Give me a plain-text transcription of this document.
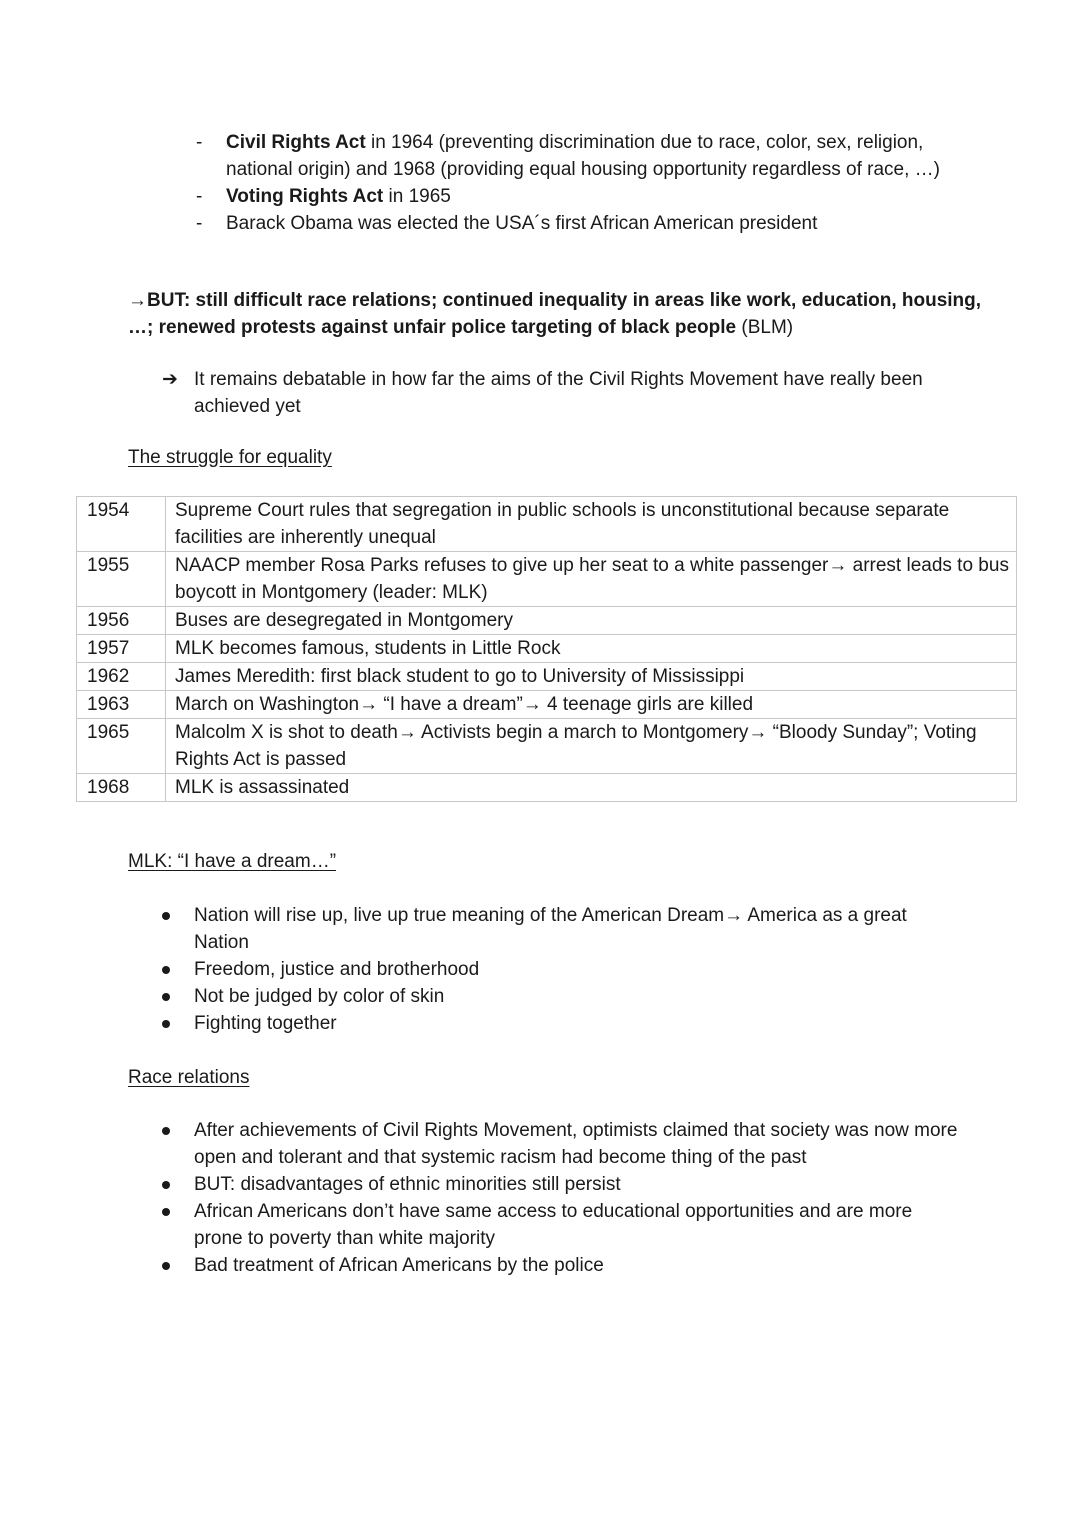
- Civil Rights Act in 1964 (preventing discrimination due to race, color, sex, religion, national origin) and 1968 (providing equal housing opportunity regardless of race, …)
- Voting Rights Act in 1965
- Barack Obama was elected the USA´s first African American president
→BUT: still difficult race relations; continued inequality in areas like work, education, housing, …; renewed protests against unfair police targeting of black people (BLM)
➔ It remains debatable in how far the aims of the Civil Rights Movement have really been achieved yet
The struggle for equality
1954	Supreme Court rules that segregation in public schools is unconstitutional because separate facilities are inherently unequal
1955	NAACP member Rosa Parks refuses to give up her seat to a white passenger→ arrest leads to bus boycott in Montgomery (leader: MLK)
1956	Buses are desegregated in Montgomery
1957	MLK becomes famous, students in Little Rock
1962	James Meredith: first black student to go to University of Mississippi
1963	March on Washington→ “I have a dream”→ 4 teenage girls are killed
1965	Malcolm X is shot to death→ Activists begin a march to Montgomery→ “Bloody Sunday”; Voting Rights Act is passed
1968	MLK is assassinated
MLK: “I have a dream…”
Nation will rise up, live up true meaning of the American Dream→ America as a great Nation
Freedom, justice and brotherhood
Not be judged by color of skin
Fighting together
Race relations
After achievements of Civil Rights Movement, optimists claimed that society was now more open and tolerant and that systemic racism had become thing of the past
BUT: disadvantages of ethnic minorities still persist
African Americans don’t have same access to educational opportunities and are more prone to poverty than white majority
Bad treatment of African Americans by the police
